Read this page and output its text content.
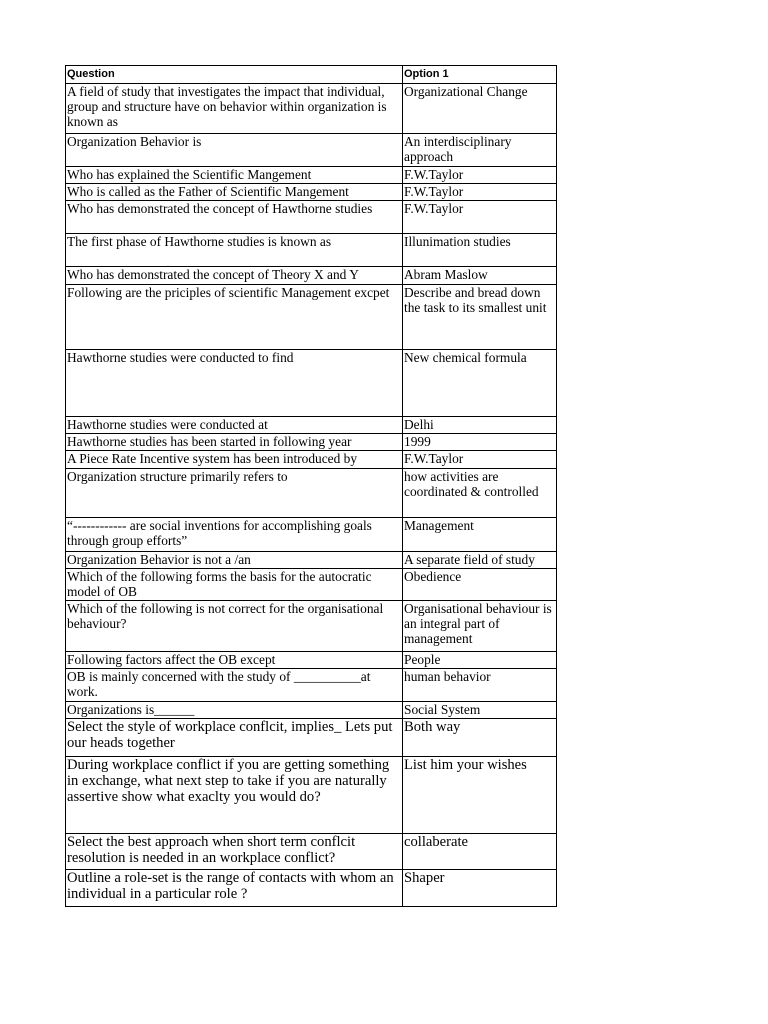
Question	Option 1
A field of study that investigates the impact that individual, group and structure have on behavior within organization is known as	Organizational Change
Organization Behavior is	An interdisciplinary approach
Who has explained the Scientific Mangement	F.W.Taylor
Who is called as the Father of Scientific Mangement	F.W.Taylor
Who has demonstrated the concept of Hawthorne studies	F.W.Taylor
The first phase of Hawthorne studies is known as	Illunimation studies
Who has demonstrated the concept of Theory X and Y	Abram Maslow
Following are the priciples of scientific Management excpet	Describe and bread down the task to its smallest unit
Hawthorne studies were conducted to find	New chemical formula
Hawthorne studies were conducted at	Delhi
Hawthorne studies has been started in following year	1999
A Piece Rate Incentive system has been introduced by	F.W.Taylor
Organization structure primarily refers to	how activities are coordinated & controlled
“------------ are social inventions for accomplishing goals through group efforts”	Management
Organization Behavior is not a /an	A separate field of study
Which of the following forms the basis for the autocratic model of OB	Obedience
Which of the following is not correct for the organisational behaviour?	Organisational behaviour is an integral part of management
Following factors affect the OB except	People
OB is mainly concerned with the study of __________at work.	human behavior
Organizations is______	Social System
Select the style of workplace conflcit, implies_ Lets put our heads together	Both way
During workplace conflict if you are getting something in exchange, what next step to take if you are naturally assertive show what exaclty you would do?	List him your wishes
Select the best approach when short term conflcit resolution is needed in an workplace conflict?	collaberate
Outline a role-set is the range of contacts with whom an individual in a particular role ?	Shaper
